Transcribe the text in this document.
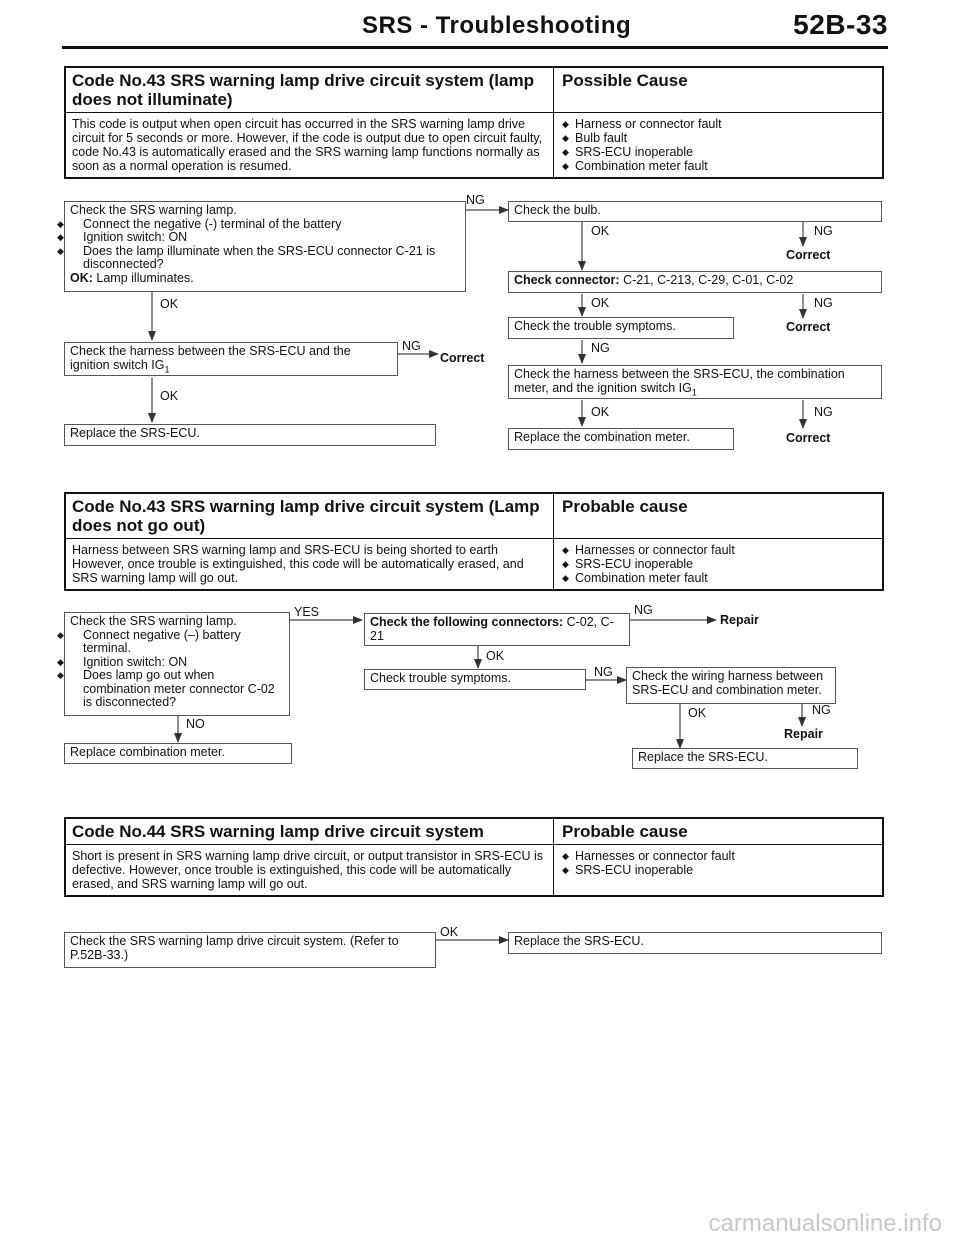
SRS - Troubleshooting	52B-33
Code No.43 SRS warning lamp drive circuit system (lamp does not illuminate)
Possible Cause
This code is output when open circuit has occurred in the SRS warning lamp drive circuit for 5 seconds or more. However, if the code is output due to open circuit faulty, code No.43 is automatically erased and the SRS warning lamp functions normally as soon as a normal operation is resumed.
◆ Harness or connector fault
◆ Bulb fault
◆ SRS-ECU inoperable
◆ Combination meter fault
Check the SRS warning lamp.
◆ Connect the negative (-) terminal of the battery
◆ Ignition switch: ON
◆ Does the lamp illuminate when the SRS-ECU connector C-21 is disconnected?
OK: Lamp illuminates.
NG
Check the bulb.
OK	NG
Correct
Check connector: C-21, C-213, C-29, C-01, C-02
OK	OK	NG
Correct
Check the trouble symptoms.
NG
Check the harness between the SRS-ECU and the ignition switch $IG_1$
NG
Correct
Check the harness between the SRS-ECU, the combination meter, and the ignition switch $IG_1$
OK
OK	NG
Correct
Replace the SRS-ECU.	Replace the combination meter.
Code No.43 SRS warning lamp drive circuit system (Lamp does not go out)
Probable cause
Harness between SRS warning lamp and SRS-ECU is being shorted to earth However, once trouble is extinguished, this code will be automatically erased, and SRS warning lamp will go out.
◆ Harnesses or connector fault
◆ SRS-ECU inoperable
◆ Combination meter fault
Check the SRS warning lamp.
◆ Connect negative (–) battery terminal.
◆ Ignition switch: ON
◆ Does lamp go out when combination meter connector C-02 is disconnected?
YES
Check the following connectors: C-02, C-21
NG
Repair
OK
Check trouble symptoms.	NG	Check the wiring harness between SRS-ECU and combination meter.
NO
OK	NG
Repair
Replace combination meter.	Replace the SRS-ECU.
Code No.44 SRS warning lamp drive circuit system	Probable cause
Short is present in SRS warning lamp drive circuit, or output transistor in SRS-ECU is defective. However, once trouble is extinguished, this code will be automatically erased, and SRS warning lamp will go out.
◆ Harnesses or connector fault
◆ SRS-ECU inoperable
Check the SRS warning lamp drive circuit system. (Refer to P.52B-33.)
OK
Replace the SRS-ECU.
carmanualsonline.info
